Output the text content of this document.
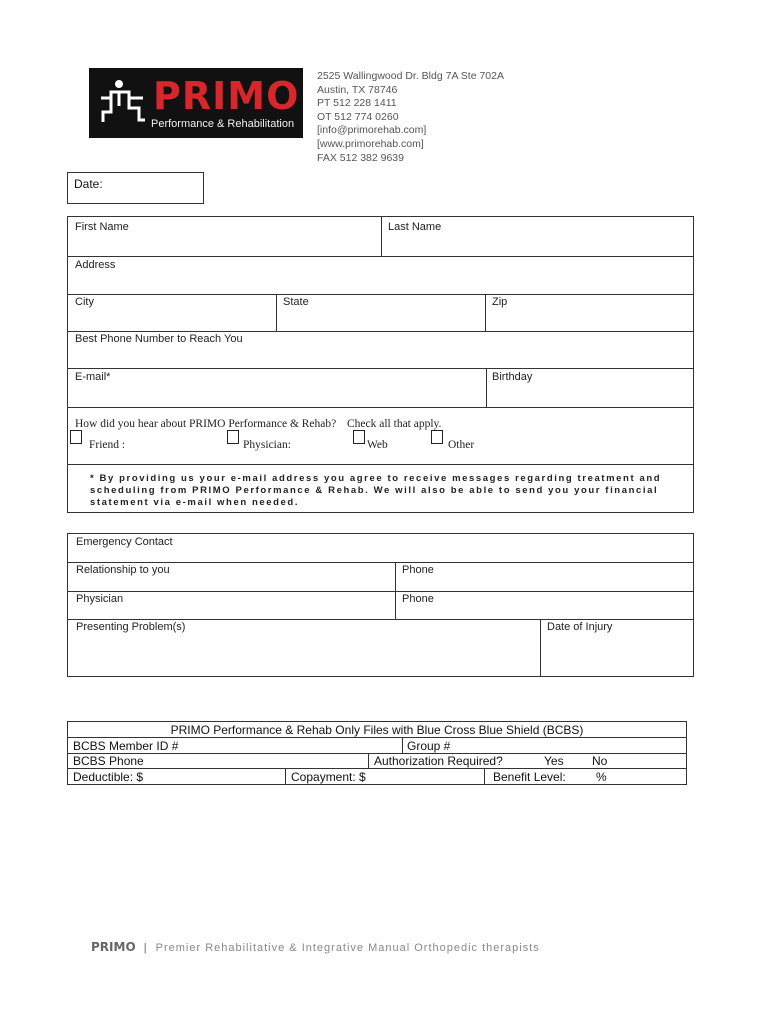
PRIMO
Performance & Rehabilitation
2525 Wallingwood Dr. Bldg 7A Ste 702A
Austin, TX 78746
PT 512 228 1411
OT 512 774 0260
[info@primorehab.com]
[www.primorehab.com]
FAX 512 382 9639
Date:
First Name	Last Name
Address
City	State	Zip
Best Phone Number to Reach You
E-mail*	Birthday
How did you hear about PRIMO Performance & Rehab? Check all that apply.
Friend :	Physician:	Web	Other
* By providing us your e-mail address you agree to receive messages regarding treatment and scheduling from PRIMO Performance & Rehab. We will also be able to send you your financial statement via e-mail when needed.
Emergency Contact
Relationship to you	Phone
Physician	Phone
Presenting Problem(s)	Date of Injury
PRIMO Performance & Rehab Only Files with Blue Cross Blue Shield (BCBS)
BCBS Member ID #	Group #
BCBS Phone	Authorization Required?	Yes No
Deductible: $	Copayment: $	Benefit Level:	%
PRIMO | Premier Rehabilitative & Integrative Manual Orthopedic therapists
